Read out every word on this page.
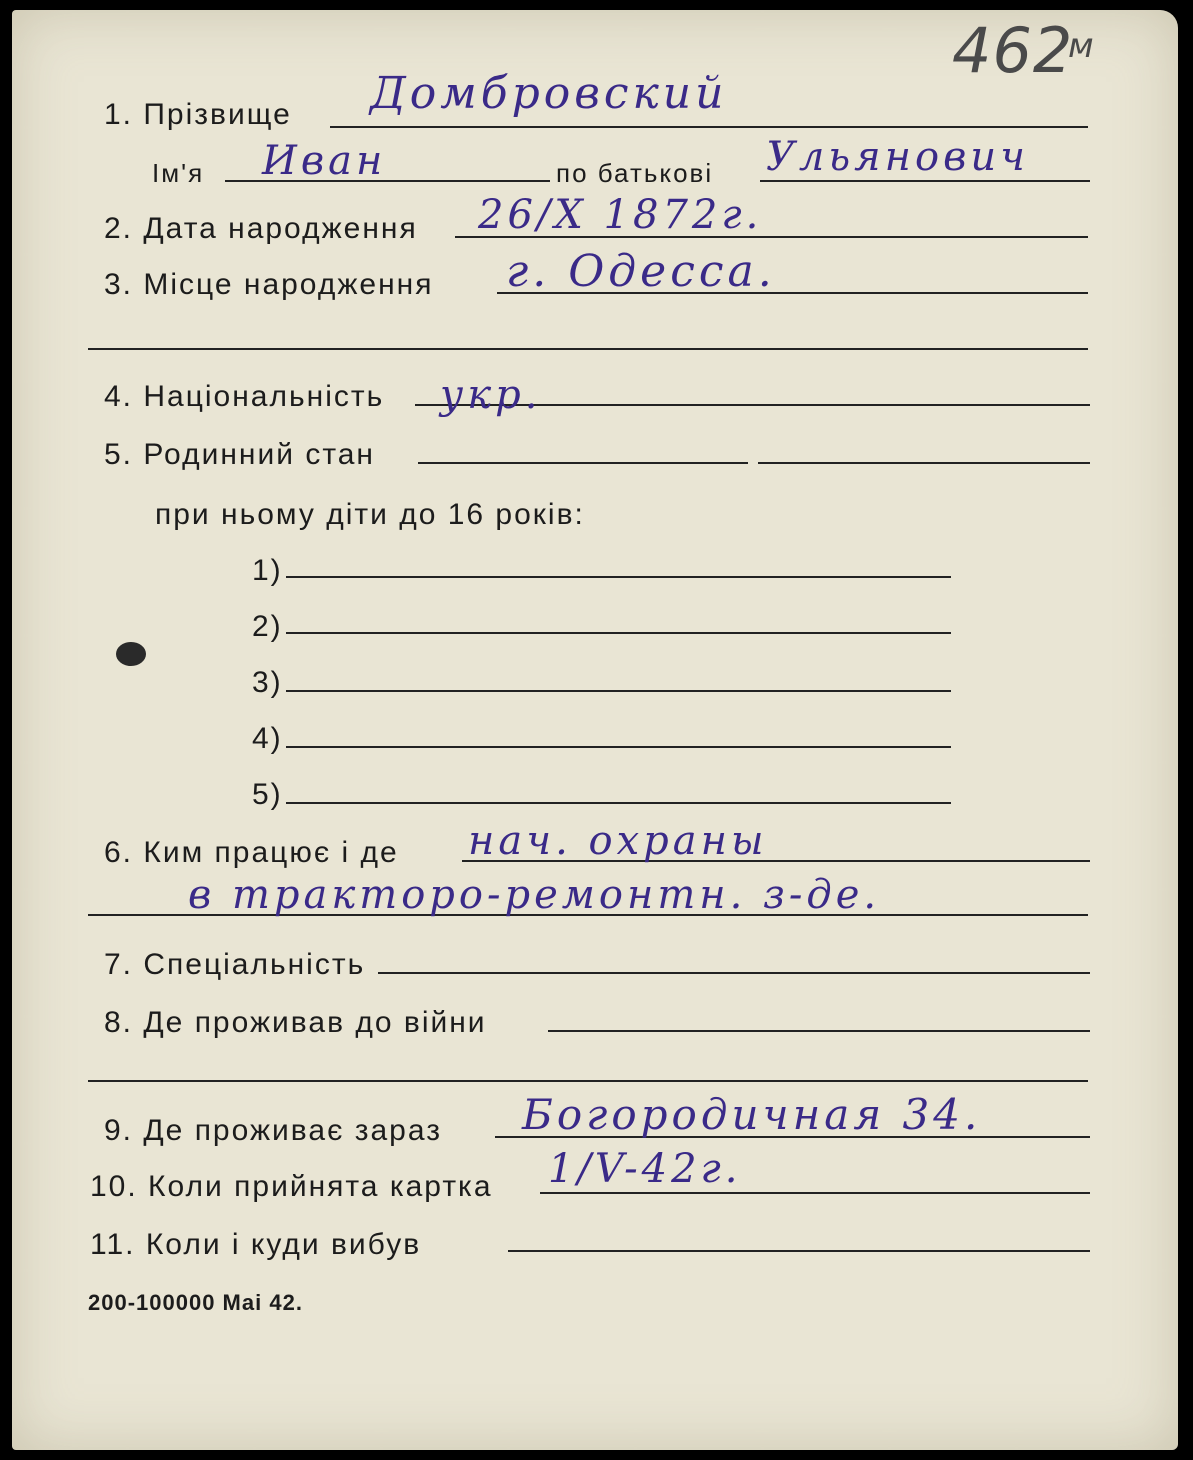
462
м
1. Прізвище Домбровский
Ім'я Иван	по батькові Ульянович
2. Дата народження 26/X 1872г.
3. Місце народження г. Одесса.
4. Національність укр.
5. Родинний стан
при ньому діти до 16 років:
1)
2)
3)
4)
5)
6. Ким працює і де нач. охраны
в тракторо-ремонтн. з-де.
7. Спеціальність
8. Де проживав до війни
9. Де проживає зараз Богородичная 34.
10. Коли прийнята картка 1/V-42г.
11. Коли і куди вибув
200-100000 Mai 42.
